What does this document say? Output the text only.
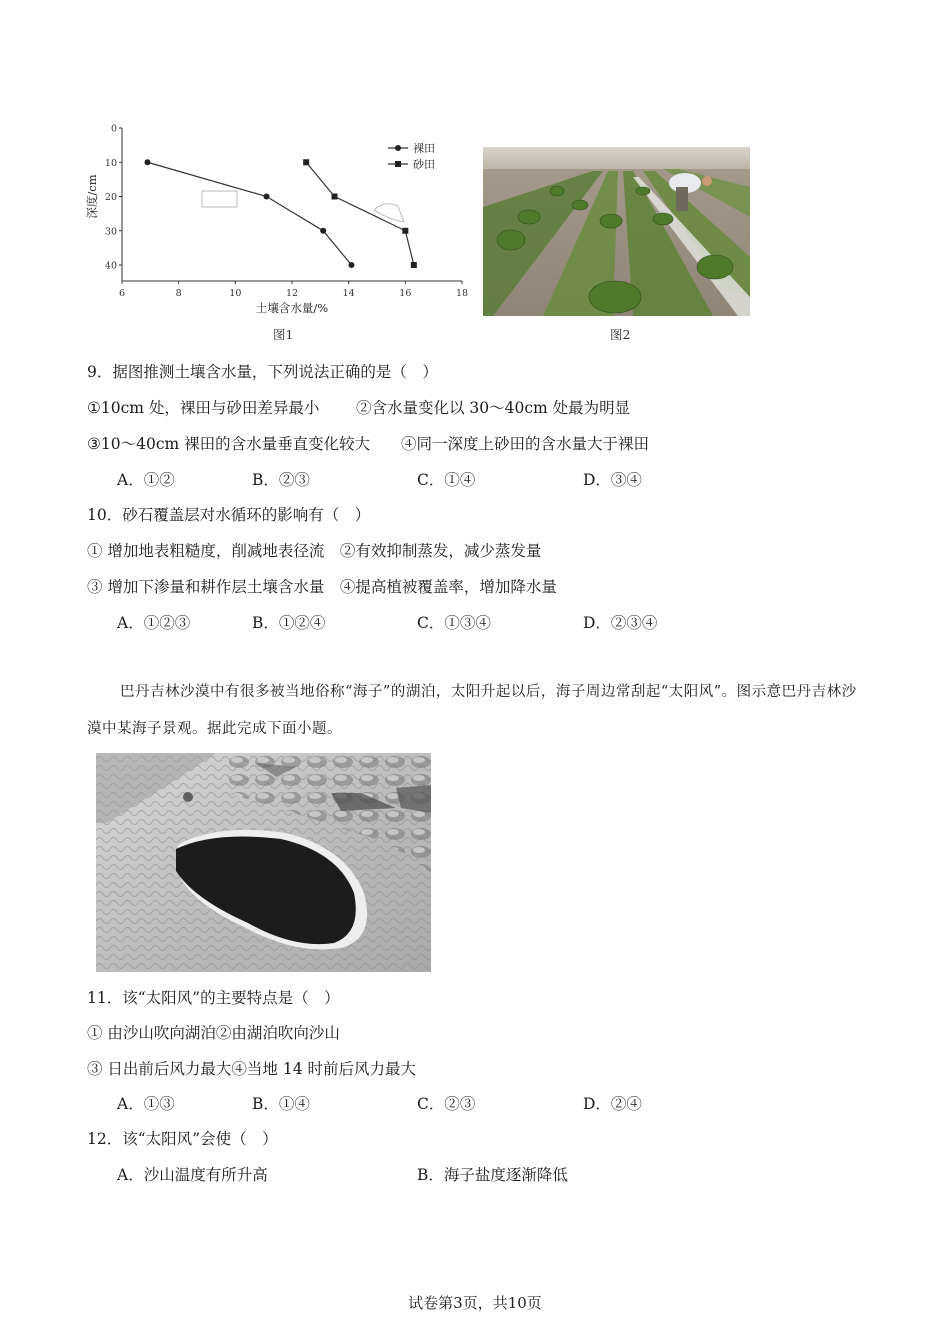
6	8	10	12	14	16	18
0
10
20
30
40
土壤含水量/%
深度/cm
裸田
砂田
图1	图2
9．据图推测土壤含水量，下列说法正确的是（　）
①10cm 处，裸田与砂田差异最小 ②含水量变化以 30～40cm 处最为明显
③10～40cm 裸田的含水量垂直变化较大 ④同一深度上砂田的含水量大于裸田
A．①②	B．②③	C．①④	D．③④
10．砂石覆盖层对水循环的影响有（　）
① 增加地表粗糙度，削减地表径流　②有效抑制蒸发，减少蒸发量
③ 增加下渗量和耕作层土壤含水量　④提高植被覆盖率，增加降水量
A．①②③	B．①②④	C．①③④	D．②③④
巴丹吉林沙漠中有很多被当地俗称“海子”的湖泊，太阳升起以后，海子周边常刮起“太阳风”。图示意巴丹吉林沙漠中某海子景观。据此完成下面小题。
11．该“太阳风”的主要特点是（　）
① 由沙山吹向湖泊②由湖泊吹向沙山
③ 日出前后风力最大④当地 14 时前后风力最大
A．①③	B．①④	C．②③	D．②④
12．该“太阳风”会使（　）
A．沙山温度有所升高	B．海子盐度逐渐降低
试卷第3页，共10页
